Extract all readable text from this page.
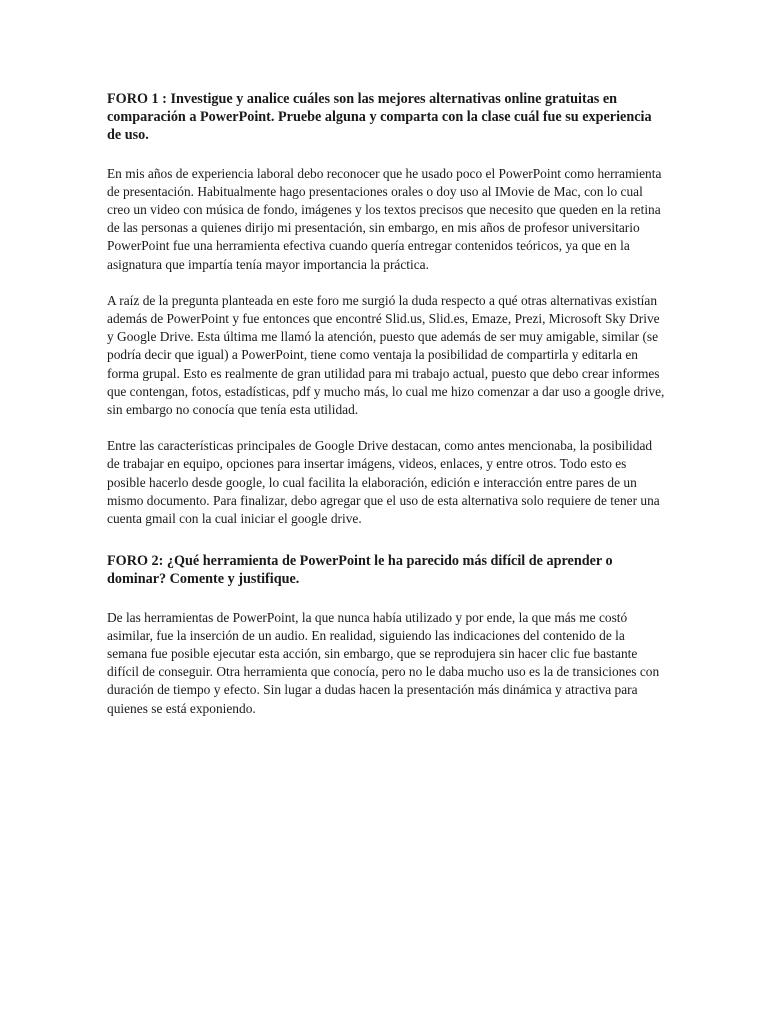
FORO 1 : Investigue y analice cuáles son las mejores alternativas online gratuitas en comparación a PowerPoint. Pruebe alguna y comparta con la clase cuál fue su experiencia de uso.

En mis años de experiencia laboral debo reconocer que he usado poco el PowerPoint como herramienta de presentación. Habitualmente hago presentaciones orales o doy uso al IMovie de Mac, con lo cual creo un video con música de fondo, imágenes y los textos precisos que necesito que queden en la retina de las personas a quienes dirijo mi presentación, sin embargo, en mis años de profesor universitario PowerPoint fue una herramienta efectiva cuando quería entregar contenidos teóricos, ya que en la asignatura que impartía tenía mayor importancia la práctica.

A raíz de la pregunta planteada en este foro me surgió la duda respecto a qué otras alternativas existían además de PowerPoint y fue entonces que encontré Slid.us, Slid.es, Emaze, Prezi, Microsoft Sky Drive y Google Drive. Esta última me llamó la atención, puesto que además de ser muy amigable, similar (se podría decir que igual) a PowerPoint, tiene como ventaja la posibilidad de compartirla y editarla en forma grupal. Esto es realmente de gran utilidad para mi trabajo actual, puesto que debo crear informes que contengan, fotos, estadísticas, pdf y mucho más, lo cual me hizo comenzar a dar uso a google drive, sin embargo no conocía que tenía esta utilidad.

Entre las características principales de Google Drive destacan, como antes mencionaba, la posibilidad de trabajar en equipo, opciones para insertar imágens, videos, enlaces, y entre otros. Todo esto es posible hacerlo desde google, lo cual facilita la elaboración, edición e interacción entre pares de un mismo documento. Para finalizar, debo agregar que el uso de esta alternativa solo requiere de tener una cuenta gmail con la cual iniciar el google drive.

FORO 2: ¿Qué herramienta de PowerPoint le ha parecido más difícil de aprender o dominar? Comente y justifique.

De las herramientas de PowerPoint, la que nunca había utilizado y por ende, la que más me costó asimilar, fue la inserción de un audio. En realidad, siguiendo las indicaciones del contenido de la semana fue posible ejecutar esta acción, sin embargo, que se reprodujera sin hacer clic fue bastante difícil de conseguir. Otra herramienta que conocía, pero no le daba mucho uso es la de transiciones con duración de tiempo y efecto. Sin lugar a dudas hacen la presentación más dinámica y atractiva para quienes se está exponiendo.
